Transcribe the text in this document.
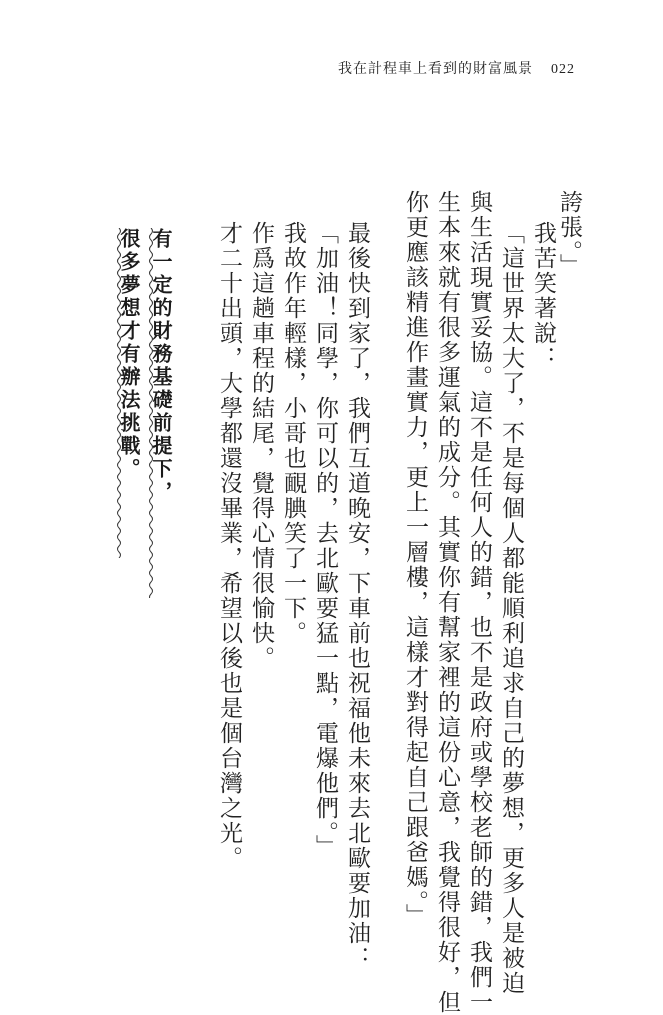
我在計程車上看到的財富風景 022
誇張。」
我苦笑著說：
「這世界太大了，不是每個人都能順利追求自己的夢想，更多人是被迫
與生活現實妥協。這不是任何人的錯，也不是政府或學校老師的錯，我們一
生本來就有很多運氣的成分。其實你有幫家裡的這份心意，我覺得很好，但
你更應該精進作畫實力，更上一層樓，這樣才對得起自己跟爸媽。」
最後快到家了，我們互道晚安，下車前也祝福他未來去北歐要加油：
「加油！同學，你可以的，去北歐要猛一點，電爆他們。」
我故作年輕樣，小哥也靦腆笑了一下。
作爲這趟車程的結尾，覺得心情很愉快。
才二十出頭，大學都還沒畢業，希望以後也是個台灣之光。
有一定的財務基礎前提下，
很多夢想才有辦法挑戰。
